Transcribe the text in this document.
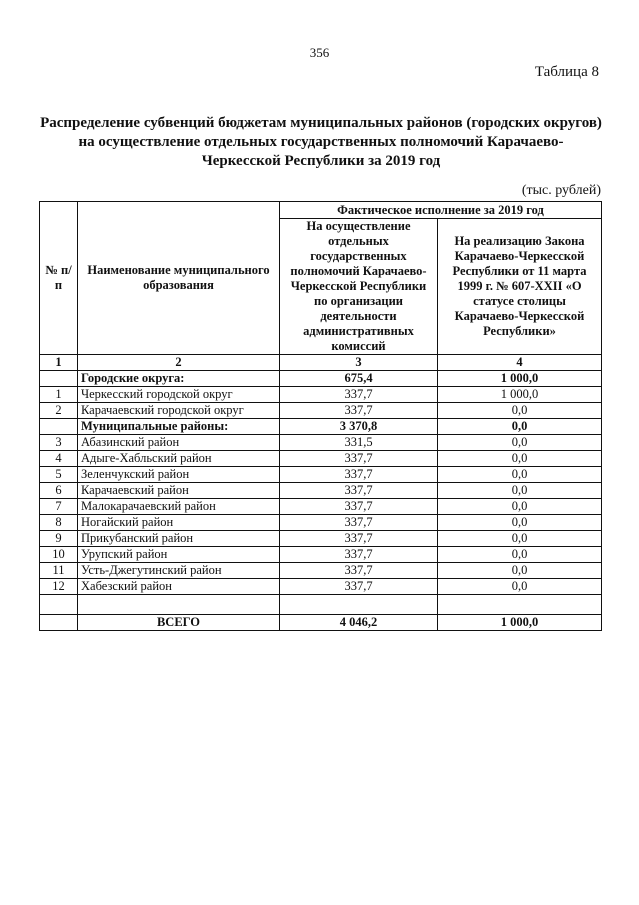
356
Таблица 8
Распределение субвенций бюджетам муниципальных районов (городских округов) на осуществление отдельных государственных полномочий Карачаево-Черкесской Республики за 2019 год
(тыс. рублей)
№ п/п	Наименование муниципального образования	Фактическое исполнение за 2019 год	
		На осуществление отдельных государственных полномочий Карачаево-Черкесской Республики по организации деятельности административных комиссий	На реализацию Закона Карачаево-Черкесской Республики от 11 марта 1999 г. № 607-XXII «О статусе столицы Карачаево-Черкесской Республики»
1	2	3	4
	Городские округа:	675,4	1 000,0
1	Черкесский городской округ	337,7	1 000,0
2	Карачаевский городской округ	337,7	0,0
	Муниципальные районы:	3 370,8	0,0
3	Абазинский район	331,5	0,0
4	Адыге-Хабльский район	337,7	0,0
5	Зеленчукский район	337,7	0,0
6	Карачаевский район	337,7	0,0
7	Малокарачаевский район	337,7	0,0
8	Ногайский район	337,7	0,0
9	Прикубанский район	337,7	0,0
10	Урупский район	337,7	0,0
11	Усть-Джегутинский район	337,7	0,0
12	Хабезский район	337,7	0,0

	ВСЕГО	4 046,2	1 000,0
